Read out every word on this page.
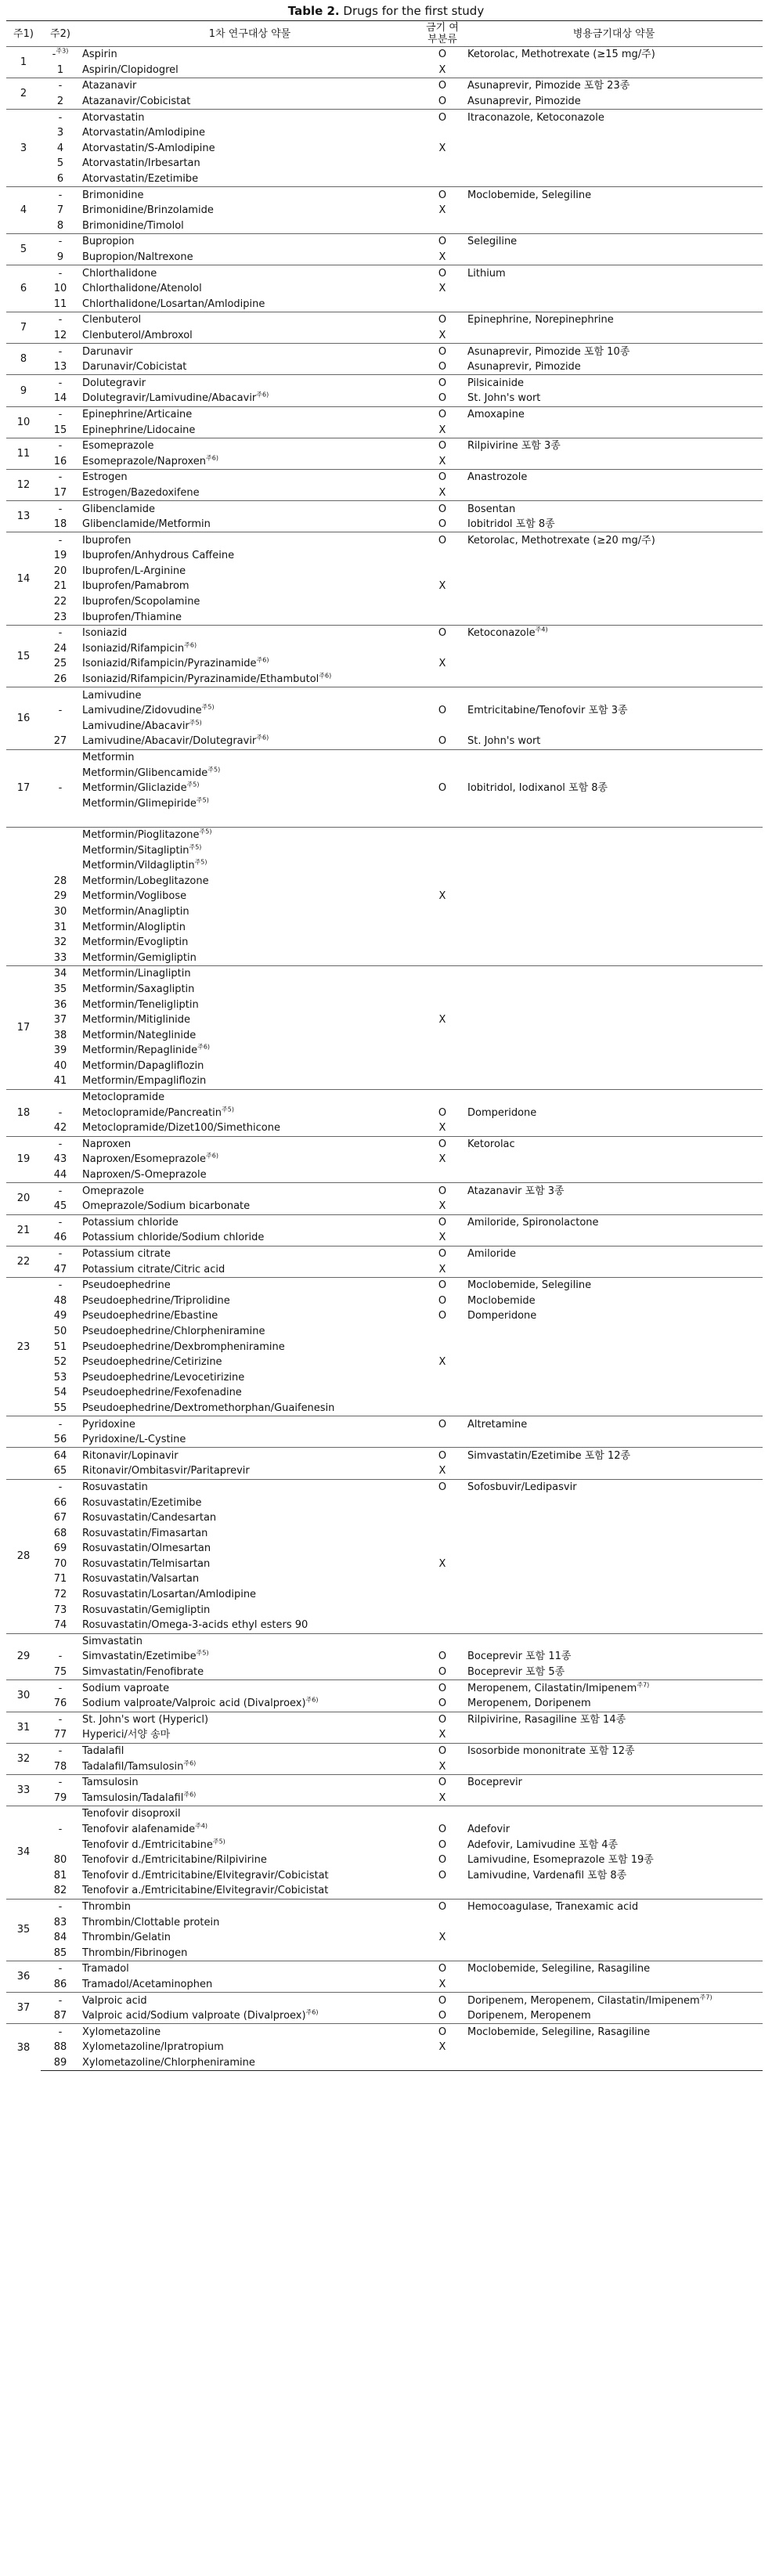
Table 2. Drugs for the first study
주1)	주2)	1차 연구대상 약물	금기 여부분류	병용금기대상 약물
1	-$^{주3)}$	Aspirin	O	Ketorolac, Methotrexate (≥15 mg/주)
	1	Aspirin/Clopidogrel	X	
2	-	Atazanavir	O	Asunaprevir, Pimozide 포함 23종
	2	Atazanavir/Cobicistat	O	Asunaprevir, Pimozide
3	-	Atorvastatin	O	Itraconazole, Ketoconazole
	3	Atorvastatin/Amlodipine		
	4	Atorvastatin/S-Amlodipine	X	
	5	Atorvastatin/Irbesartan		
	6	Atorvastatin/Ezetimibe		
4	-	Brimonidine	O	Moclobemide, Selegiline
	7	Brimonidine/Brinzolamide	X	
	8	Brimonidine/Timolol		
5	-	Bupropion	O	Selegiline
	9	Bupropion/Naltrexone	X	
6	-	Chlorthalidone	O	Lithium
	10	Chlorthalidone/Atenolol	X	
	11	Chlorthalidone/Losartan/Amlodipine		
7	-	Clenbuterol	O	Epinephrine, Norepinephrine
	12	Clenbuterol/Ambroxol	X	
8	-	Darunavir	O	Asunaprevir, Pimozide 포함 10종
	13	Darunavir/Cobicistat	O	Asunaprevir, Pimozide
9	-	Dolutegravir	O	Pilsicainide
	14	Dolutegravir/Lamivudine/Abacavir$^{주6)}$	O	St. John's wort
10	-	Epinephrine/Articaine	O	Amoxapine
	15	Epinephrine/Lidocaine	X	
11	-	Esomeprazole	O	Rilpivirine 포함 3종
	16	Esomeprazole/Naproxen$^{주6)}$	X	
12	-	Estrogen	O	Anastrozole
	17	Estrogen/Bazedoxifene	X	
13	-	Glibenclamide	O	Bosentan
	18	Glibenclamide/Metformin	O	Iobitridol 포함 8종
14	-	Ibuprofen	O	Ketorolac, Methotrexate (≥20 mg/주)
	19	Ibuprofen/Anhydrous Caffeine		
	20	Ibuprofen/L-Arginine		
	21	Ibuprofen/Pamabrom	X	
	22	Ibuprofen/Scopolamine		
	23	Ibuprofen/Thiamine		
15	-	Isoniazid	O	Ketoconazole$^{주4)}$
	24	Isoniazid/Rifampicin$^{주6)}$		
	25	Isoniazid/Rifampicin/Pyrazinamide$^{주6)}$	X	
	26	Isoniazid/Rifampicin/Pyrazinamide/Ethambutol$^{주6)}$		
16		Lamivudine		
	-	Lamivudine/Zidovudine$^{주5)}$	O	Emtricitabine/Tenofovir 포함 3종
		Lamivudine/Abacavir$^{주5)}$		
	27	Lamivudine/Abacavir/Dolutegravir$^{주6)}$	O	St. John's wort
17		Metformin		
		Metformin/Glibencamide$^{주5)}$		
	-	Metformin/Gliclazide$^{주5)}$	O	Iobitridol, Iodixanol 포함 8종
		Metformin/Glimepiride$^{주5)}$		

		Metformin/Pioglitazone$^{주5)}$		
		Metformin/Sitagliptin$^{주5)}$		
		Metformin/Vildagliptin$^{주5)}$		
	28	Metformin/Lobeglitazone		
	29	Metformin/Voglibose	X	
	30	Metformin/Anagliptin		
	31	Metformin/Alogliptin		
	32	Metformin/Evogliptin		
	33	Metformin/Gemigliptin		
17	34	Metformin/Linagliptin		
	35	Metformin/Saxagliptin		
	36	Metformin/Teneligliptin		
	37	Metformin/Mitiglinide	X	
	38	Metformin/Nateglinide		
	39	Metformin/Repaglinide$^{주6)}$		
	40	Metformin/Dapagliflozin		
	41	Metformin/Empagliflozin		
18		Metoclopramide		
	-	Metoclopramide/Pancreatin$^{주5)}$	O	Domperidone
	42	Metoclopramide/Dizet100/Simethicone	X	
19	-	Naproxen	O	Ketorolac
	43	Naproxen/Esomeprazole$^{주6)}$	X	
	44	Naproxen/S-Omeprazole		
20	-	Omeprazole	O	Atazanavir 포함 3종
	45	Omeprazole/Sodium bicarbonate	X	
21	-	Potassium chloride	O	Amiloride, Spironolactone
	46	Potassium chloride/Sodium chloride	X	
22	-	Potassium citrate	O	Amiloride
	47	Potassium citrate/Citric acid	X	
23	-	Pseudoephedrine	O	Moclobemide, Selegiline
	48	Pseudoephedrine/Triprolidine	O	Moclobemide
	49	Pseudoephedrine/Ebastine	O	Domperidone
	50	Pseudoephedrine/Chlorpheniramine		
	51	Pseudoephedrine/Dexbrompheniramine		
	52	Pseudoephedrine/Cetirizine	X	
	53	Pseudoephedrine/Levocetirizine		
	54	Pseudoephedrine/Fexofenadine		
	55	Pseudoephedrine/Dextromethorphan/Guaifenesin		
	-	Pyridoxine	O	Altretamine
	56	Pyridoxine/L-Cystine		
	64	Ritonavir/Lopinavir	O	Simvastatin/Ezetimibe 포함 12종
	65	Ritonavir/Ombitasvir/Paritaprevir	X	
28	-	Rosuvastatin	O	Sofosbuvir/Ledipasvir
	66	Rosuvastatin/Ezetimibe		
	67	Rosuvastatin/Candesartan		
	68	Rosuvastatin/Fimasartan		
	69	Rosuvastatin/Olmesartan		
	70	Rosuvastatin/Telmisartan	X	
	71	Rosuvastatin/Valsartan		
	72	Rosuvastatin/Losartan/Amlodipine		
	73	Rosuvastatin/Gemigliptin		
	74	Rosuvastatin/Omega-3-acids ethyl esters 90		
29		Simvastatin		
	-	Simvastatin/Ezetimibe$^{주5)}$	O	Boceprevir 포함 11종
	75	Simvastatin/Fenofibrate	O	Boceprevir 포함 5종
30	-	Sodium vaproate	O	Meropenem, Cilastatin/Imipenem$^{주7)}$
	76	Sodium valproate/Valproic acid (Divalproex)$^{주6)}$	O	Meropenem, Doripenem
31	-	St. John's wort (Hypericl)	O	Rilpivirine, Rasagiline 포함 14종
	77	Hyperici/서양 송마	X	
32	-	Tadalafil	O	Isosorbide mononitrate 포함 12종
	78	Tadalafil/Tamsulosin$^{주6)}$	X	
33	-	Tamsulosin	O	Boceprevir
	79	Tamsulosin/Tadalafil$^{주6)}$	X	
34		Tenofovir disoproxil		
	-	Tenofovir alafenamide$^{주4)}$	O	Adefovir
		Tenofovir d./Emtricitabine$^{주5)}$	O	Adefovir, Lamivudine 포함 4종
	80	Tenofovir d./Emtricitabine/Rilpivirine	O	Lamivudine, Esomeprazole 포함 19종
	81	Tenofovir d./Emtricitabine/Elvitegravir/Cobicistat	O	Lamivudine, Vardenafil 포함 8종
	82	Tenofovir a./Emtricitabine/Elvitegravir/Cobicistat		
35	-	Thrombin	O	Hemocoagulase, Tranexamic acid
	83	Thrombin/Clottable protein		
	84	Thrombin/Gelatin	X	
	85	Thrombin/Fibrinogen		
36	-	Tramadol	O	Moclobemide, Selegiline, Rasagiline
	86	Tramadol/Acetaminophen	X	
37	-	Valproic acid	O	Doripenem, Meropenem, Cilastatin/Imipenem$^{주7)}$
	87	Valproic acid/Sodium valproate (Divalproex)$^{주6)}$	O	Doripenem, Meropenem
38	-	Xylometazoline	O	Moclobemide, Selegiline, Rasagiline
	88	Xylometazoline/Ipratropium	X	
	89	Xylometazoline/Chlorpheniramine		
